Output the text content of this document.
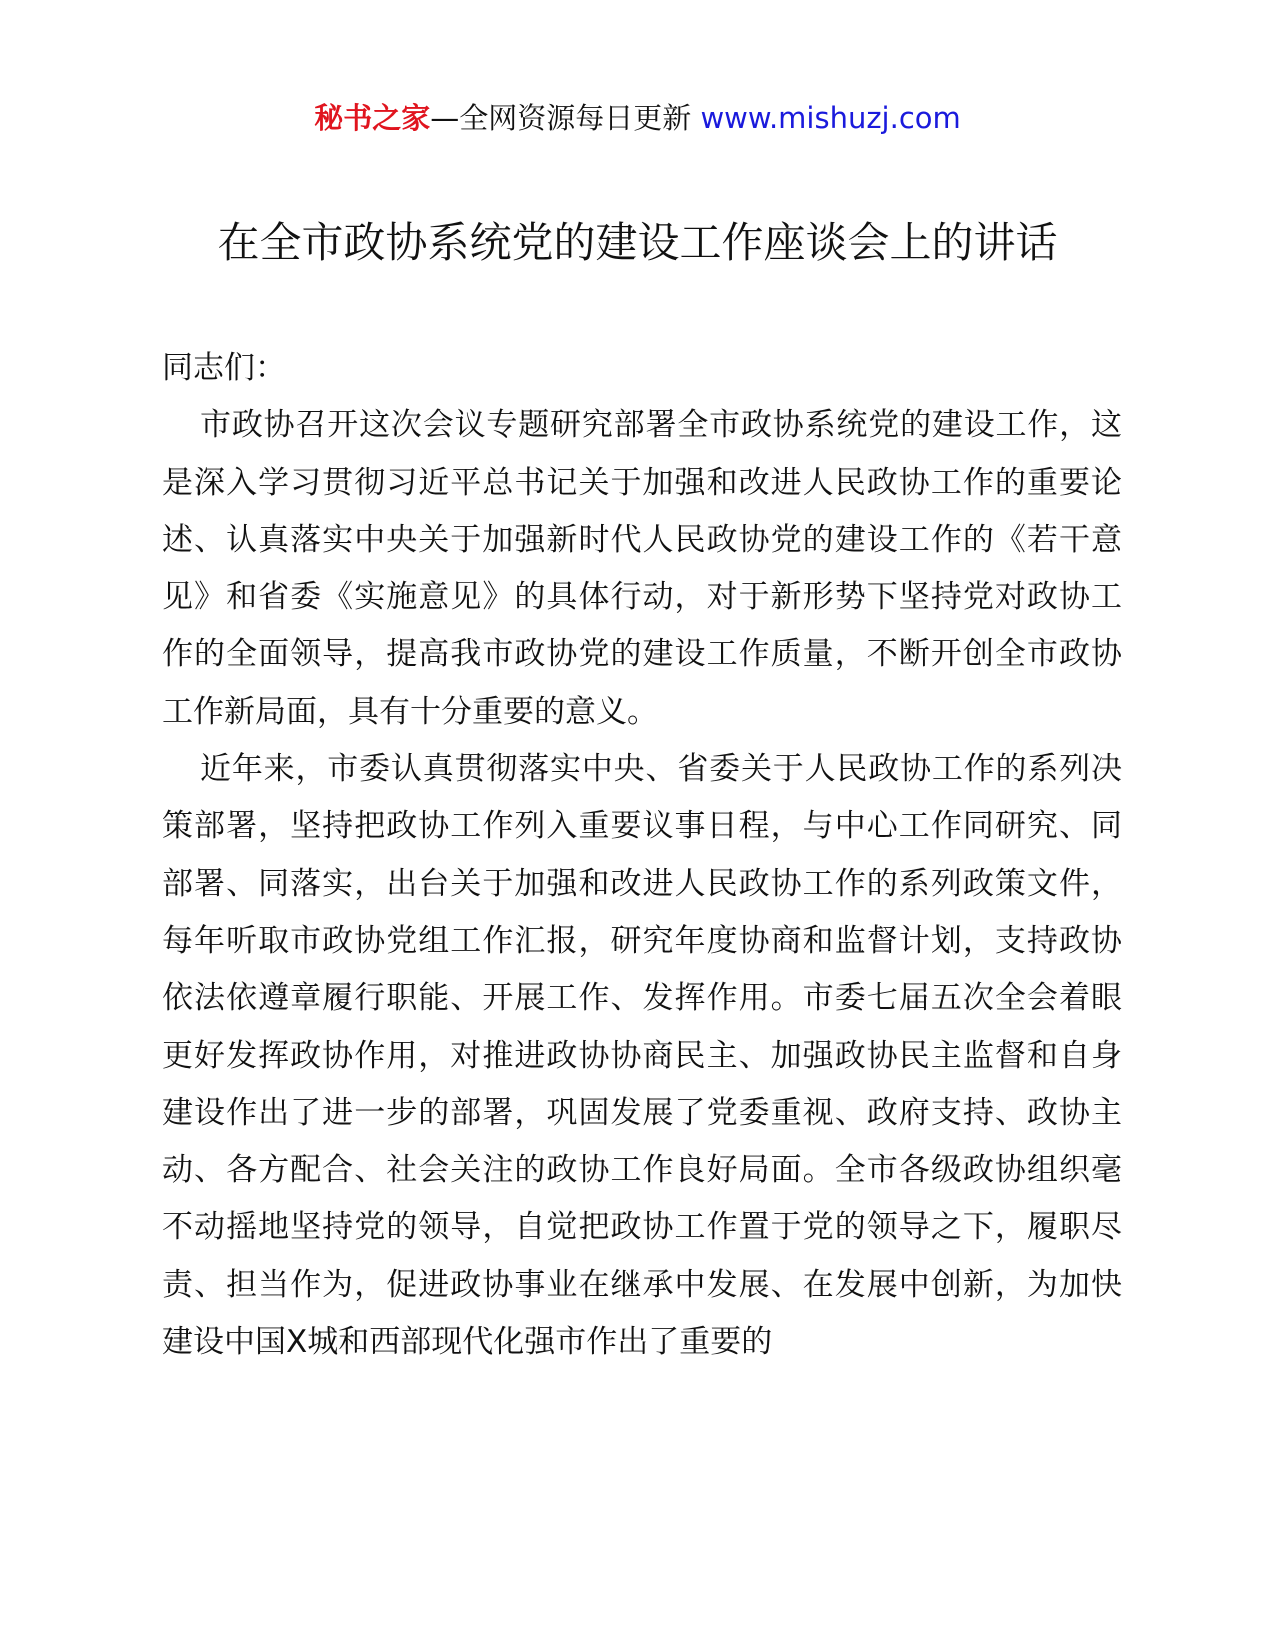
秘书之家—全网资源每日更新 www.mishuzj.com
在全市政协系统党的建设工作座谈会上的讲话

同志们：

市政协召开这次会议专题研究部署全市政协系统党的建设工作，这是深入学习贯彻习近平总书记关于加强和改进人民政协工作的重要论述、认真落实中央关于加强新时代人民政协党的建设工作的《若干意见》和省委《实施意见》的具体行动，对于新形势下坚持党对政协工作的全面领导，提高我市政协党的建设工作质量，不断开创全市政协工作新局面，具有十分重要的意义。

近年来，市委认真贯彻落实中央、省委关于人民政协工作的系列决策部署，坚持把政协工作列入重要议事日程，与中心工作同研究、同部署、同落实，出台关于加强和改进人民政协工作的系列政策文件，每年听取市政协党组工作汇报，研究年度协商和监督计划，支持政协依法依遵章履行职能、开展工作、发挥作用。市委七届五次全会着眼更好发挥政协作用，对推进政协协商民主、加强政协民主监督和自身建设作出了进一步的部署，巩固发展了党委重视、政府支持、政协主动、各方配合、社会关注的政协工作良好局面。全市各级政协组织毫不动摇地坚持党的领导，自觉把政协工作置于党的领导之下，履职尽责、担当作为，促进政协事业在继承中发展、在发展中创新，为加快建设中国X城和西部现代化强市作出了重要的
